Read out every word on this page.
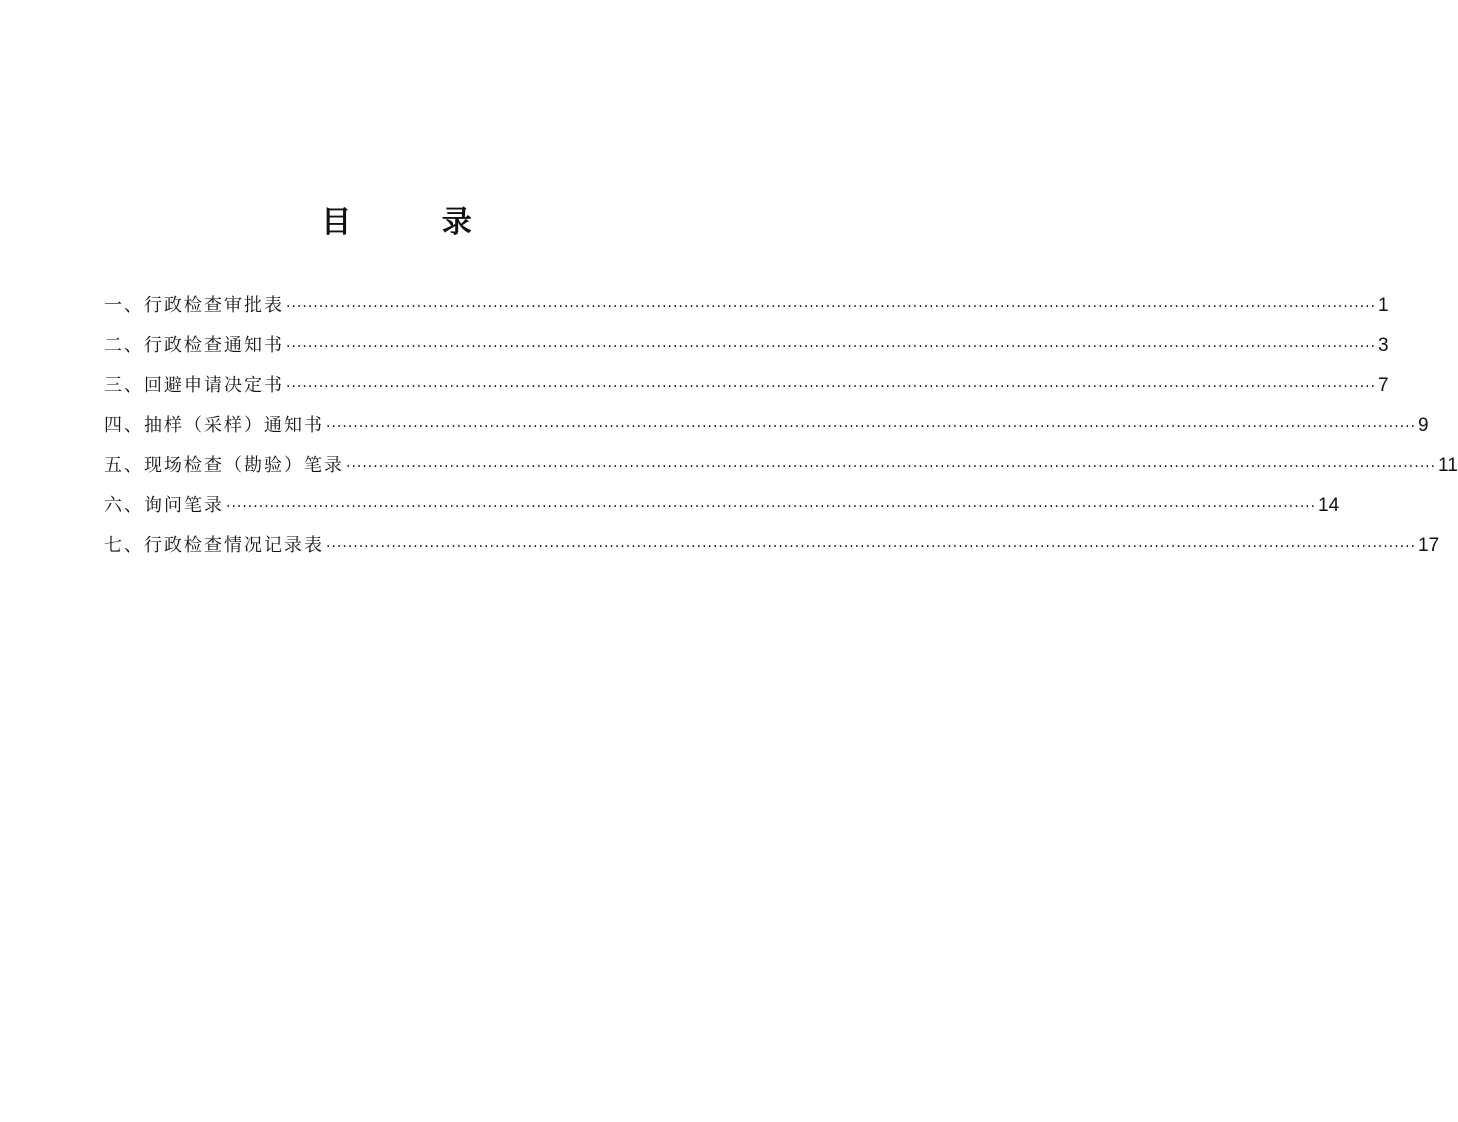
目 录
一、行政检查审批表 ········································································································································································································ 1
二、行政检查通知书 ········································································································································································································ 3
三、回避申请决定书 ········································································································································································································ 7
四、抽样（采样）通知书 ········································································································································································································ 9
五、现场检查（勘验）笔录 ········································································································································································································ 11
六、询问笔录 ········································································································································································································ 14
七、行政检查情况记录表 ········································································································································································································ 17
